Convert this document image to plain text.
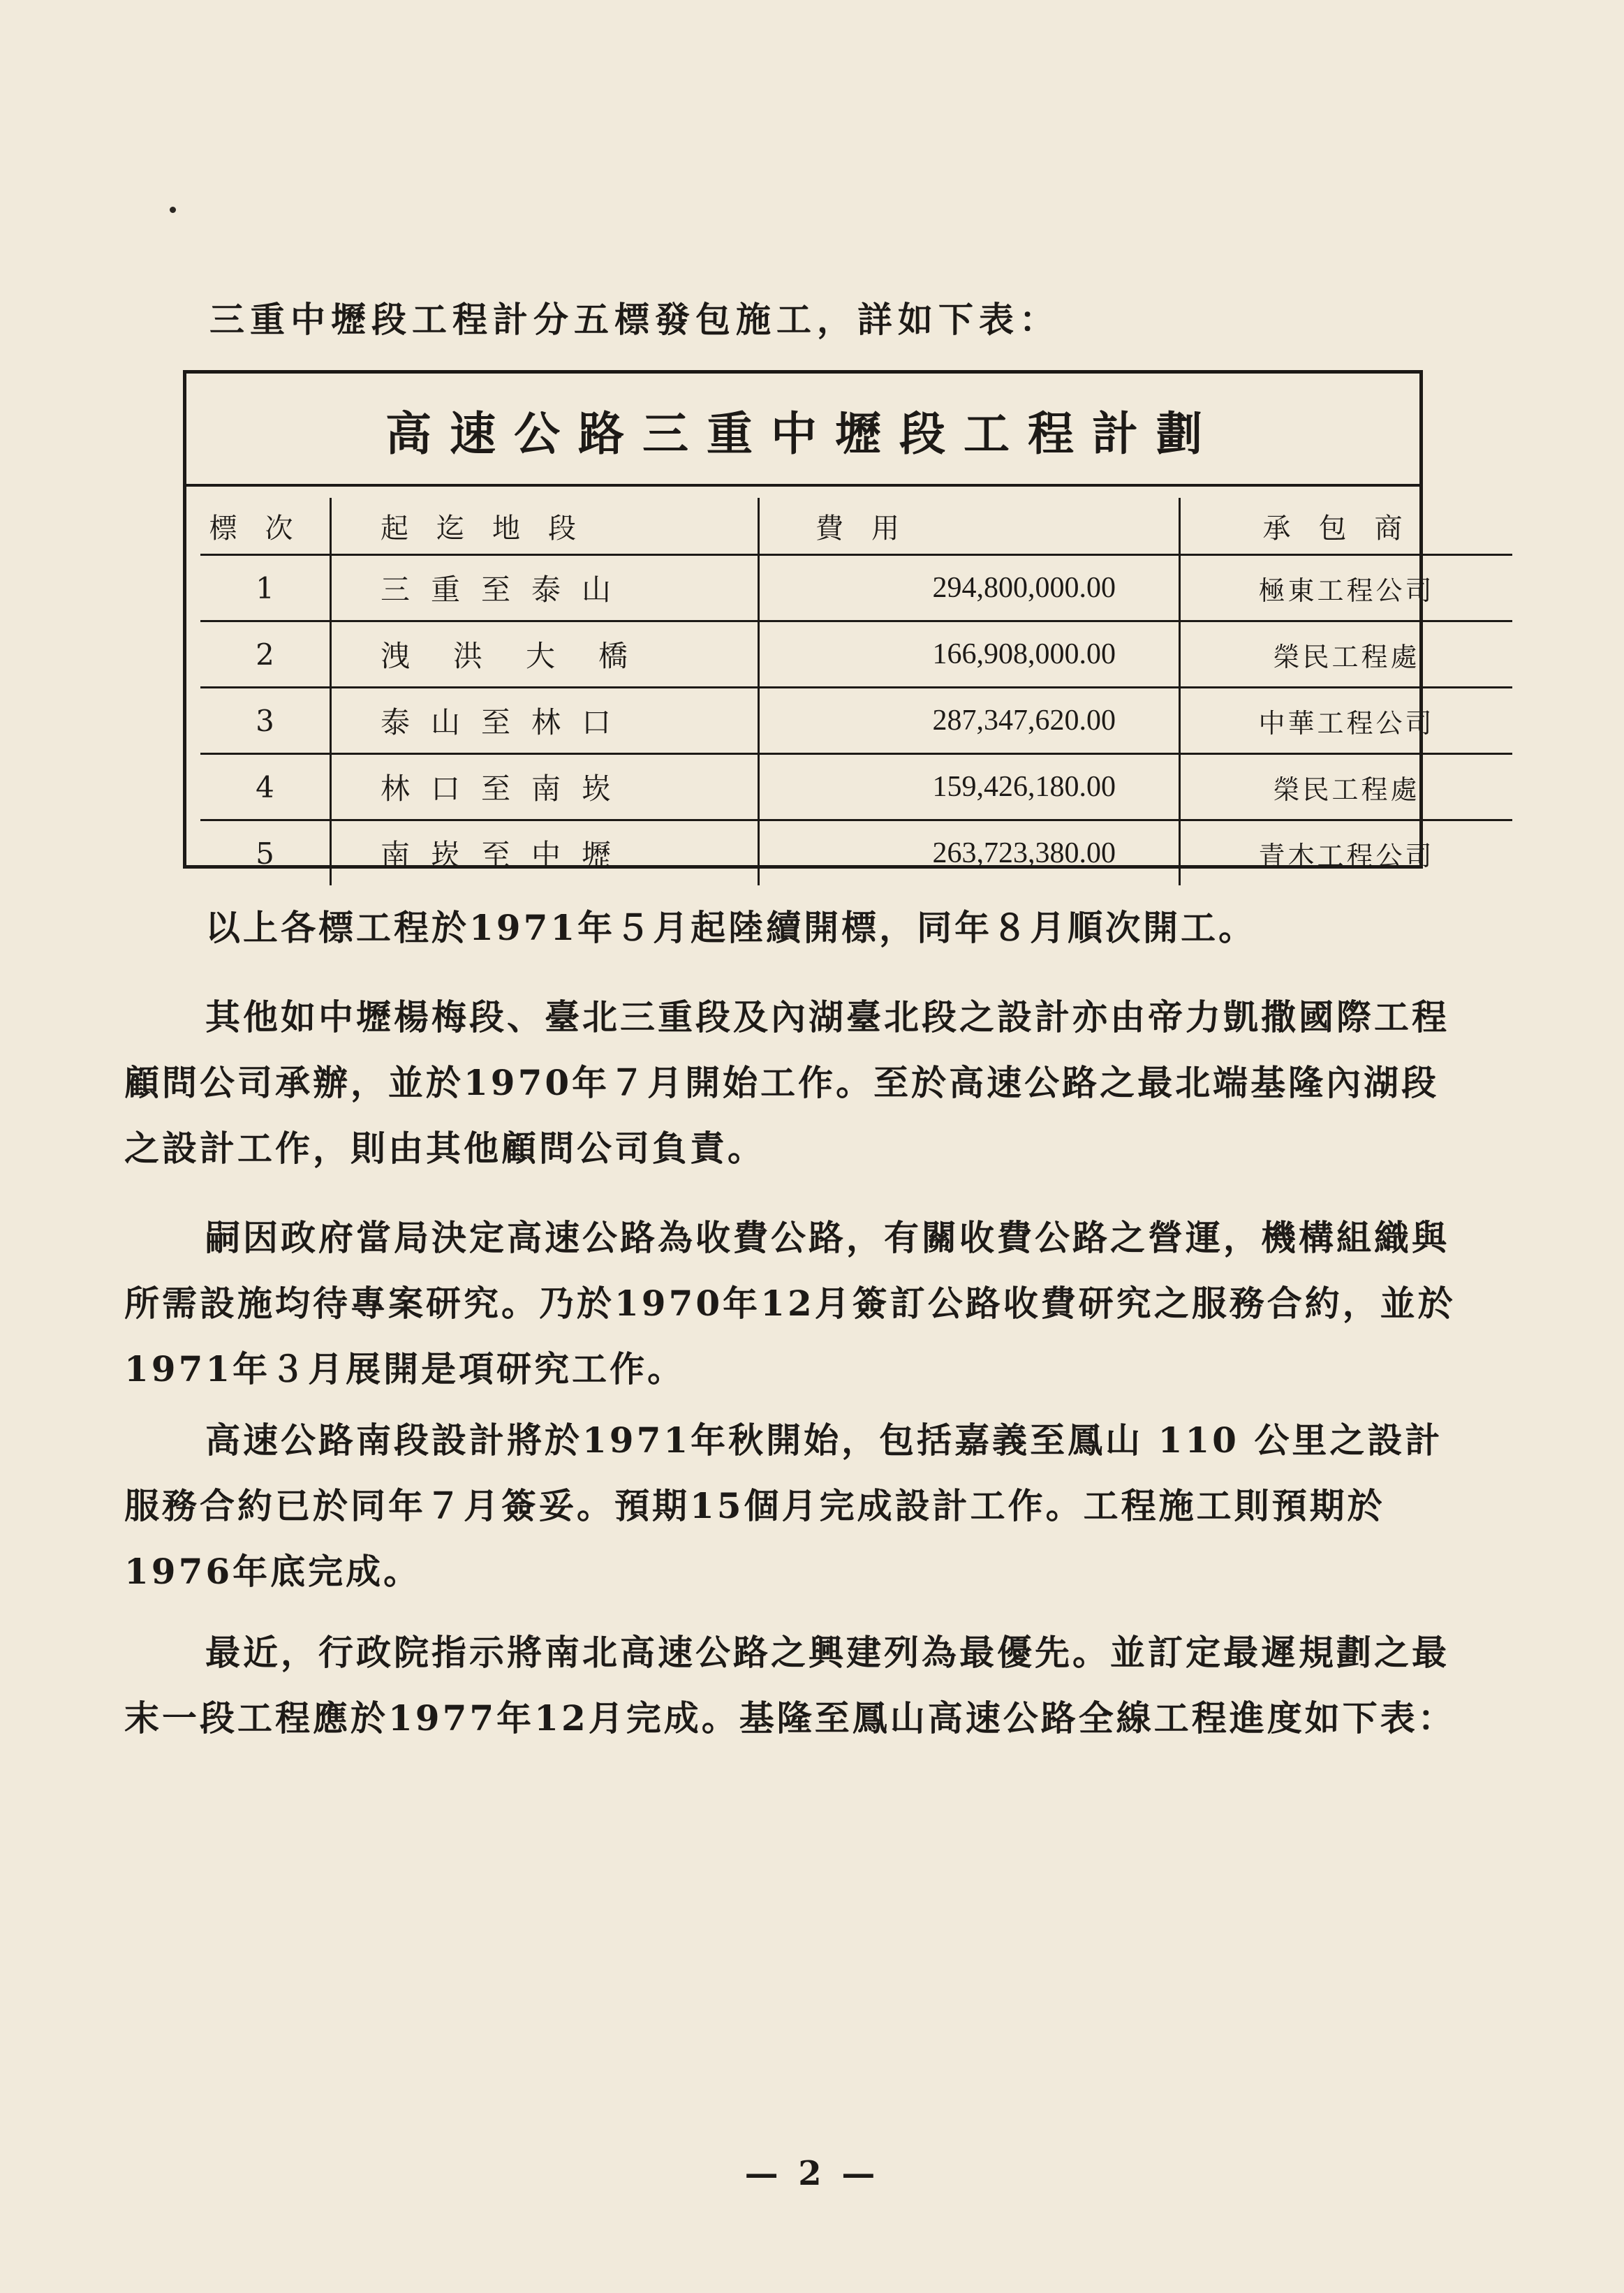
三重中壢段工程計分五標發包施工，詳如下表：
高速公路三重中壢段工程計劃
標次	起迄地段	費用	承包商
1	三重至泰山	294,800,000.00	極東工程公司
2	洩洪大橋	166,908,000.00	榮民工程處
3	泰山至林口	287,347,620.00	中華工程公司
4	林口至南崁	159,426,180.00	榮民工程處
5	南崁至中壢	263,723,380.00	青木工程公司
以上各標工程於1971年５月起陸續開標，同年８月順次開工。
其他如中壢楊梅段、臺北三重段及內湖臺北段之設計亦由帝力凱撒國際工程顧問公司承辦，並於1970年７月開始工作。至於高速公路之最北端基隆內湖段之設計工作，則由其他顧問公司負責。
嗣因政府當局決定高速公路為收費公路，有關收費公路之營運，機構組織與所需設施均待專案研究。乃於1970年12月簽訂公路收費研究之服務合約，並於1971年３月展開是項研究工作。
高速公路南段設計將於1971年秋開始，包括嘉義至鳳山 110 公里之設計服務合約已於同年７月簽妥。預期15個月完成設計工作。工程施工則預期於1976年底完成。
最近，行政院指示將南北高速公路之興建列為最優先。並訂定最遲規劃之最末一段工程應於1977年12月完成。基隆至鳳山高速公路全線工程進度如下表：
— 2 —
